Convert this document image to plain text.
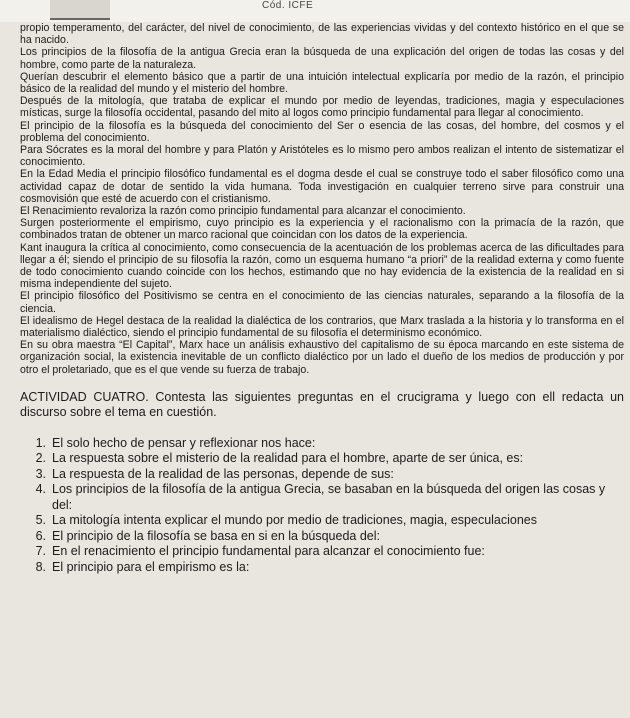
Cód. ICFE

propio temperamento, del carácter, del nivel de conocimiento, de las experiencias vividas y del contexto histórico en el que se ha nacido.

Los principios de la filosofía de la antigua Grecia eran la búsqueda de una explicación del origen de todas las cosas y del hombre, como parte de la naturaleza.

Querían descubrir el elemento básico que a partir de una intuición intelectual explicaría por medio de la razón, el principio básico de la realidad del mundo y el misterio del hombre.

Después de la mitología, que trataba de explicar el mundo por medio de leyendas, tradiciones, magia y especulaciones místicas, surge la filosofía occidental, pasando del mito al logos como principio fundamental para llegar al conocimiento.

El principio de la filosofía es la búsqueda del conocimiento del Ser o esencia de las cosas, del hombre, del cosmos y el problema del conocimiento.

Para Sócrates es la moral del hombre y para Platón y Aristóteles es lo mismo pero ambos realizan el intento de sistematizar el conocimiento.

En la Edad Media el principio filosófico fundamental es el dogma desde el cual se construye todo el saber filosófico como una actividad capaz de dotar de sentido la vida humana. Toda investigación en cualquier terreno sirve para construir una cosmovisión que esté de acuerdo con el cristianismo.

El Renacimiento revaloriza la razón como principio fundamental para alcanzar el conocimiento.

Surgen posteriormente el empirismo, cuyo principio es la experiencia y el racionalismo con la primacía de la razón, que combinados tratan de obtener un marco racional que coincidan con los datos de la experiencia.

Kant inaugura la crítica al conocimiento, como consecuencia de la acentuación de los problemas acerca de las dificultades para llegar a él; siendo el principio de su filosofía la razón, como un esquema humano “a priori” de la realidad externa y como fuente de todo conocimiento cuando coincide con los hechos, estimando que no hay evidencia de la existencia de la realidad en si misma independiente del sujeto.

El principio filosófico del Positivismo se centra en el conocimiento de las ciencias naturales, separando a la filosofía de la ciencia.

El idealismo de Hegel destaca de la realidad la dialéctica de los contrarios, que Marx traslada a la historia y lo transforma en el materialismo dialéctico, siendo el principio fundamental de su filosofía el determinismo económico.

En su obra maestra “El Capital”, Marx hace un análisis exhaustivo del capitalismo de su época marcando en este sistema de organización social, la existencia inevitable de un conflicto dialéctico por un lado el dueño de los medios de producción y por otro el proletariado, que es el que vende su fuerza de trabajo.

ACTIVIDAD CUATRO. Contesta las siguientes preguntas en el crucigrama y luego con ell redacta un discurso sobre el tema en cuestión.

1. El solo hecho de pensar y reflexionar nos hace:
2. La respuesta sobre el misterio de la realidad para el hombre, aparte de ser única, es:
3. La respuesta de la realidad de las personas, depende de sus:
4. Los principios de la filosofía de la antigua Grecia, se basaban en la búsqueda del origen las cosas y del:
5. La mitología intenta explicar el mundo por medio de tradiciones, magia, especulaciones
6. El principio de la filosofía se basa en si en la búsqueda del:
7. En el renacimiento el principio fundamental para alcanzar el conocimiento fue:
8. El principio para el empirismo es la:
